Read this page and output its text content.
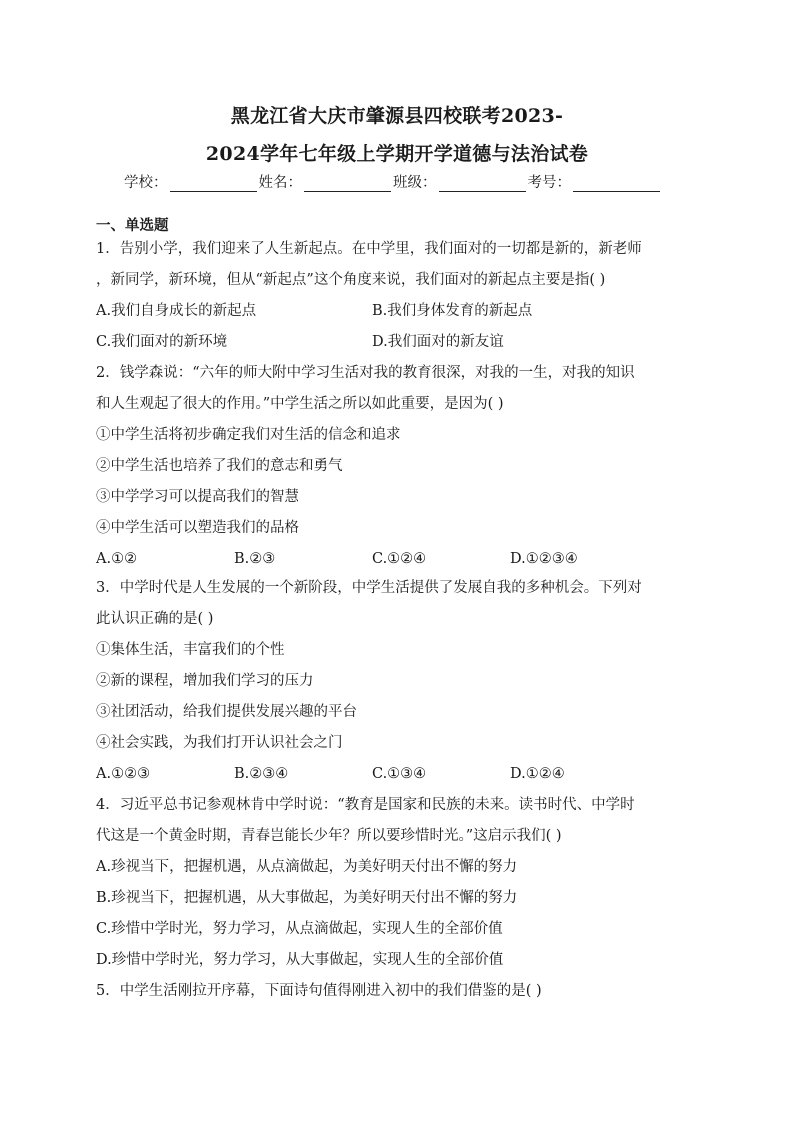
黑龙江省大庆市肇源县四校联考2023-
2024学年七年级上学期开学道德与法治试卷
学校：	姓名：	班级：	考号：
一、单选题
1．告别小学，我们迎来了人生新起点。在中学里，我们面对的一切都是新的，新老师
，新同学，新环境，但从“新起点”这个角度来说，我们面对的新起点主要是指( )
A.我们自身成长的新起点	B.我们身体发育的新起点
C.我们面对的新环境	D.我们面对的新友谊
2．钱学森说：“六年的师大附中学习生活对我的教育很深，对我的一生，对我的知识
和人生观起了很大的作用。”中学生活之所以如此重要，是因为( )
①中学生活将初步确定我们对生活的信念和追求
②中学生活也培养了我们的意志和勇气
③中学学习可以提高我们的智慧
④中学生活可以塑造我们的品格
A.①②	B.②③	C.①②④	D.①②③④
3．中学时代是人生发展的一个新阶段，中学生活提供了发展自我的多种机会。下列对
此认识正确的是( )
①集体生活，丰富我们的个性
②新的课程，增加我们学习的压力
③社团活动，给我们提供发展兴趣的平台
④社会实践，为我们打开认识社会之门
A.①②③	B.②③④	C.①③④	D.①②④
4．习近平总书记参观林肯中学时说：“教育是国家和民族的未来。读书时代、中学时
代这是一个黄金时期，青春岂能长少年？所以要珍惜时光。”这启示我们( )
A.珍视当下，把握机遇，从点滴做起，为美好明天付出不懈的努力
B.珍视当下，把握机遇，从大事做起，为美好明天付出不懈的努力
C.珍惜中学时光，努力学习，从点滴做起，实现人生的全部价值
D.珍惜中学时光，努力学习，从大事做起，实现人生的全部价值
5．中学生活刚拉开序幕，下面诗句值得刚进入初中的我们借鉴的是( )
